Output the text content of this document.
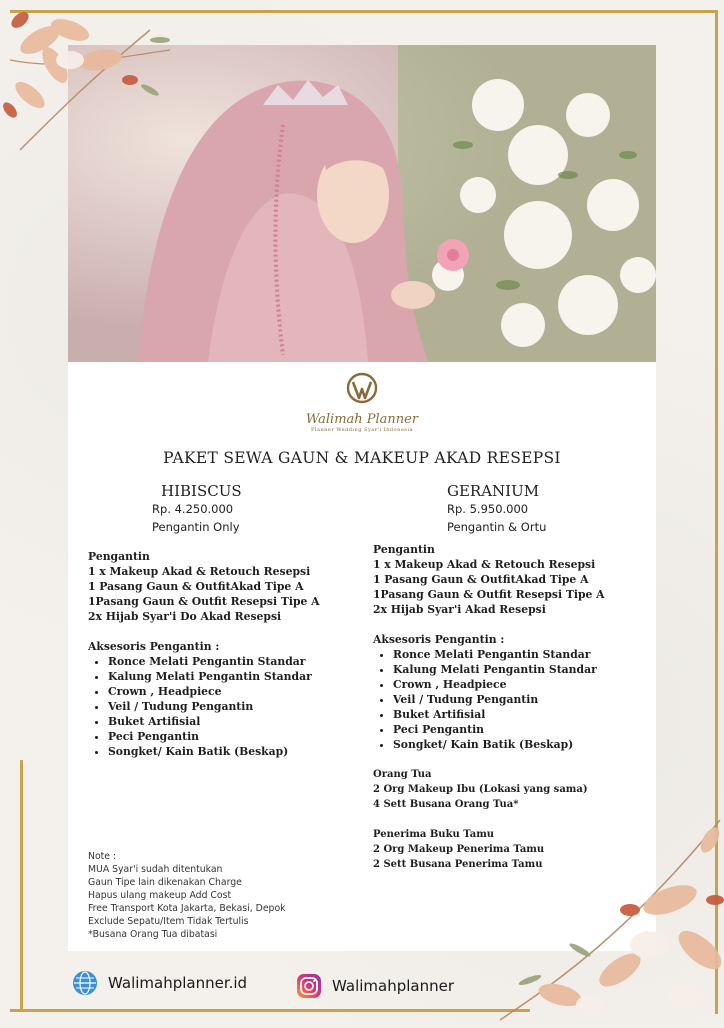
Walimah Planner
Planner Wedding Syar'i Indonesia
PAKET SEWA GAUN & MAKEUP AKAD RESEPSI
HIBISCUS
Rp. 4.250.000
Pengantin Only
GERANIUM
Rp. 5.950.000
Pengantin & Ortu
Pengantin
1 x Makeup Akad & Retouch Resepsi
1 Pasang Gaun & OutfitAkad Tipe A
1Pasang Gaun & Outfit Resepsi Tipe A
2x Hijab Syar'i Do Akad Resepsi
Aksesoris Pengantin :
• Ronce Melati Pengantin Standar
• Kalung Melati Pengantin Standar
• Crown , Headpiece
• Veil / Tudung Pengantin
• Buket Artifisial
• Peci Pengantin
• Songket/ Kain Batik (Beskap)
Pengantin
1 x Makeup Akad & Retouch Resepsi
1 Pasang Gaun & OutfitAkad Tipe A
1Pasang Gaun & Outfit Resepsi Tipe A
2x Hijab Syar'i Akad Resepsi
Aksesoris Pengantin :
• Ronce Melati Pengantin Standar
• Kalung Melati Pengantin Standar
• Crown , Headpiece
• Veil / Tudung Pengantin
• Buket Artifisial
• Peci Pengantin
• Songket/ Kain Batik (Beskap)
Orang Tua
2 Org Makeup Ibu (Lokasi yang sama)
4 Sett Busana Orang Tua*
Penerima Buku Tamu
2 Org Makeup Penerima Tamu
2 Sett Busana Penerima Tamu
Note :
MUA Syar'i sudah ditentukan
Gaun Tipe lain dikenakan Charge
Hapus ulang makeup Add Cost
Free Transport Kota Jakarta, Bekasi, Depok
Exclude Sepatu/Item Tidak Tertulis
*Busana Orang Tua dibatasi
Walimahplanner.id	Walimahplanner
